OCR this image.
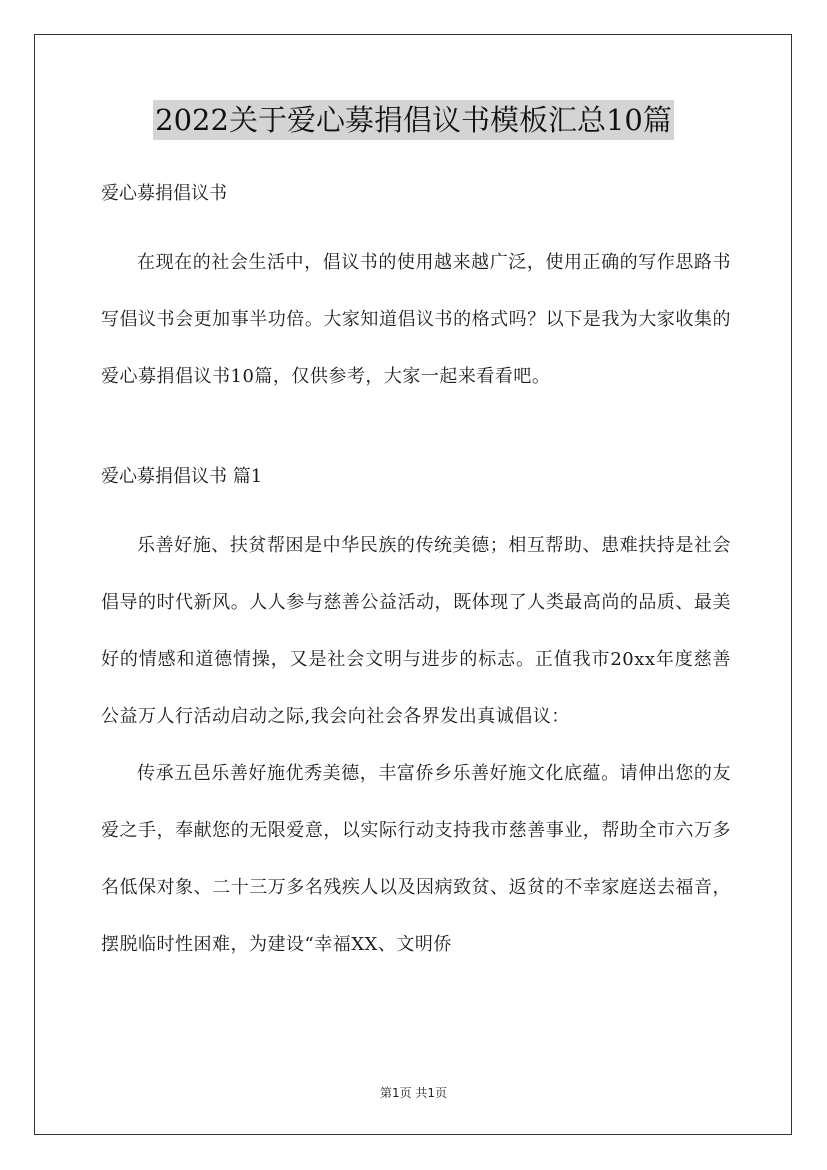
2022关于爱心募捐倡议书模板汇总10篇

爱心募捐倡议书

在现在的社会生活中，倡议书的使用越来越广泛，使用正确的写作思路书写倡议书会更加事半功倍。大家知道倡议书的格式吗？以下是我为大家收集的爱心募捐倡议书10篇，仅供参考，大家一起来看看吧。

爱心募捐倡议书 篇1

乐善好施、扶贫帮困是中华民族的传统美德；相互帮助、患难扶持是社会倡导的时代新风。人人参与慈善公益活动，既体现了人类最高尚的品质、最美好的情感和道德情操，又是社会文明与进步的标志。正值我市20xx年度慈善公益万人行活动启动之际,我会向社会各界发出真诚倡议：

传承五邑乐善好施优秀美德，丰富侨乡乐善好施文化底蕴。请伸出您的友爱之手，奉献您的无限爱意，以实际行动支持我市慈善事业，帮助全市六万多名低保对象、二十三万多名残疾人以及因病致贫、返贫的不幸家庭送去福音，摆脱临时性困难，为建设“幸福XX、文明侨

第1页 共1页
